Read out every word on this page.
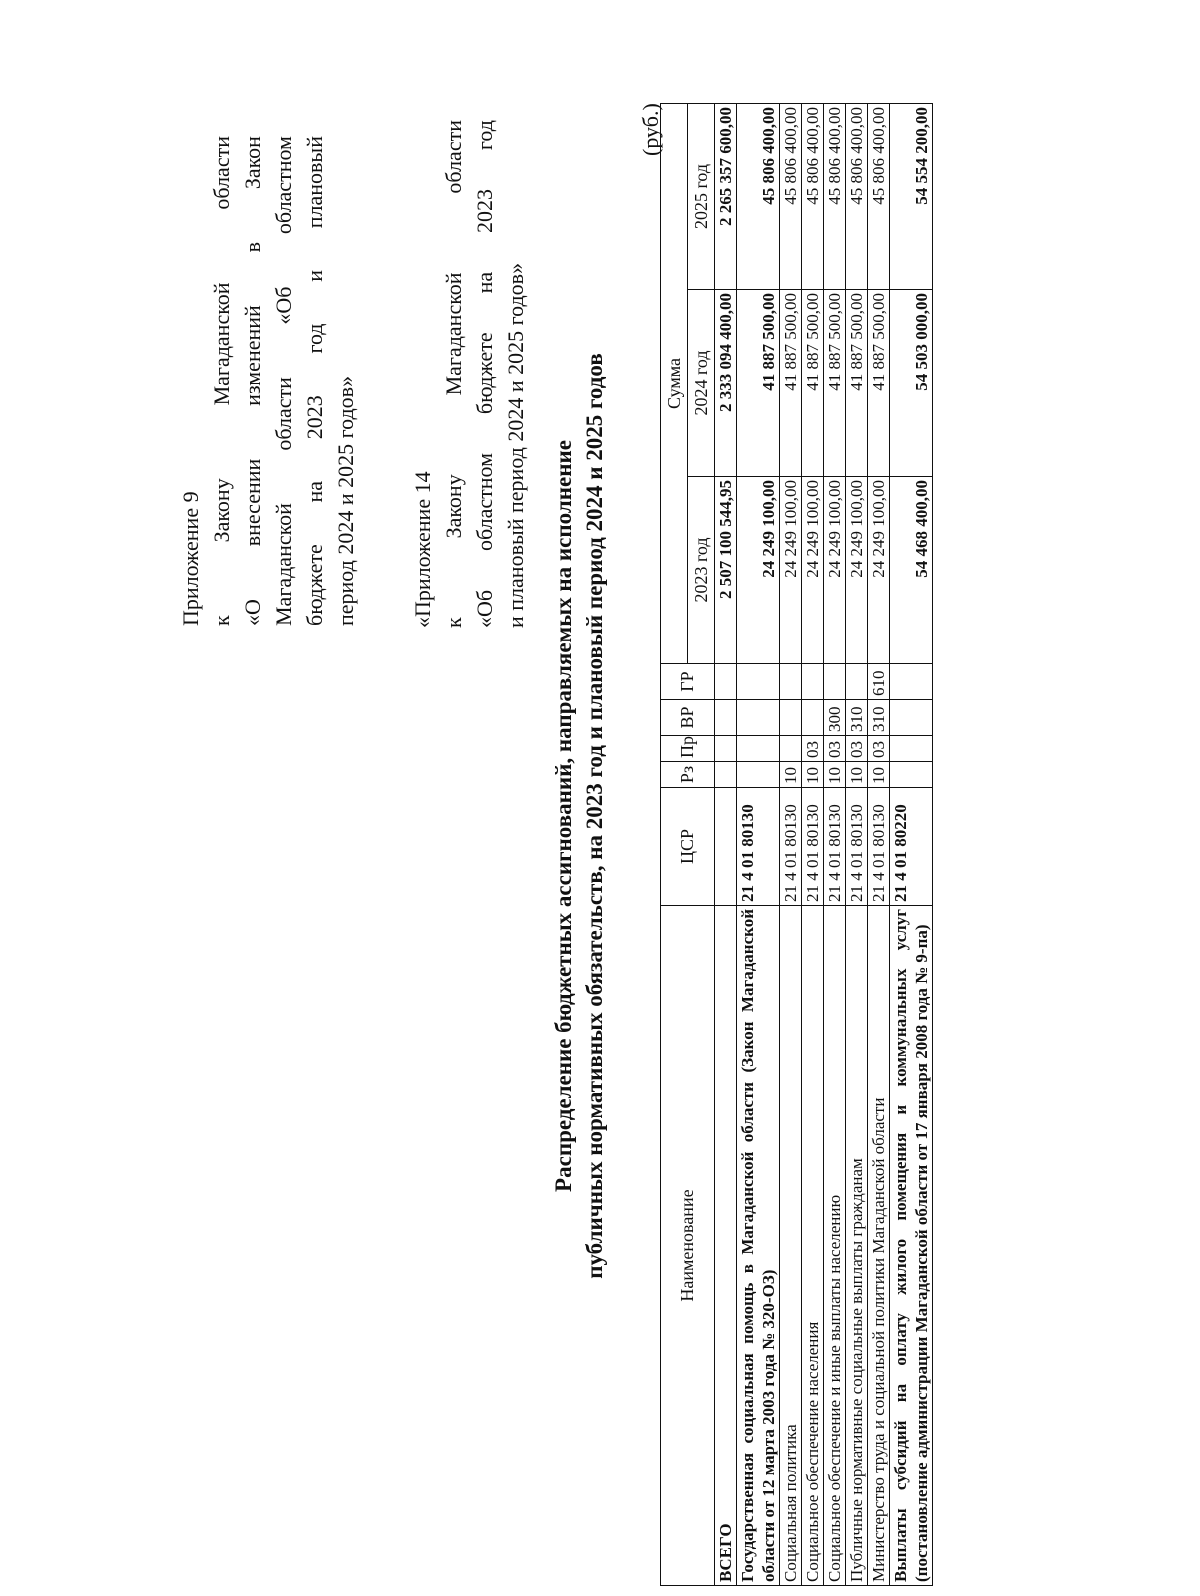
Приложение 9 к
Закону
Магаданской
области
«О
внесении
изменений
в
Закон
Магаданской
области
«Об
областном
бюджете
на
2023
год
и
плановый
период 2024 и 2025 годов» «Приложение 14 к
Закону
Магаданской
области
«Об
областном
бюджете
на
2023
год
и плановый период 2024 и 2025 годов» Распределение бюджетных ассигнований, направляемых на исполнение публичных нормативных обязательств, на 2023 год и плановый период 2024 и 2025 годов
(руб.)
Наименование	ЦСР	Рз	Пр	ВР	ГР	Сумма		
						2023 год	2024 год	2025 год
ВСЕГО						2 507 100 544,95	2 333 094 400,00	2 265 357 600,00
Государственная социальная помощь в Магаданской области (Закон Магаданской области от 12 марта 2003 года № 320-ОЗ)	21 4 01 80130					24 249 100,00	41 887 500,00	45 806 400,00
Социальная политика	21 4 01 80130	10				24 249 100,00	41 887 500,00	45 806 400,00
Социальное обеспечение населения	21 4 01 80130	10	03			24 249 100,00	41 887 500,00	45 806 400,00
Социальное обеспечение и иные выплаты населению	21 4 01 80130	10	03	300		24 249 100,00	41 887 500,00	45 806 400,00
Публичные нормативные социальные выплаты гражданам	21 4 01 80130	10	03	310		24 249 100,00	41 887 500,00	45 806 400,00
Министерство труда и социальной политики Магаданской области	21 4 01 80130	10	03	310	610	24 249 100,00	41 887 500,00	45 806 400,00
Выплаты субсидий на оплату жилого помещения и коммунальных услуг (постановление администрации Магаданской области от 17 января 2008 года № 9-па)	21 4 01 80220					54 468 400,00	54 503 000,00	54 554 200,00
